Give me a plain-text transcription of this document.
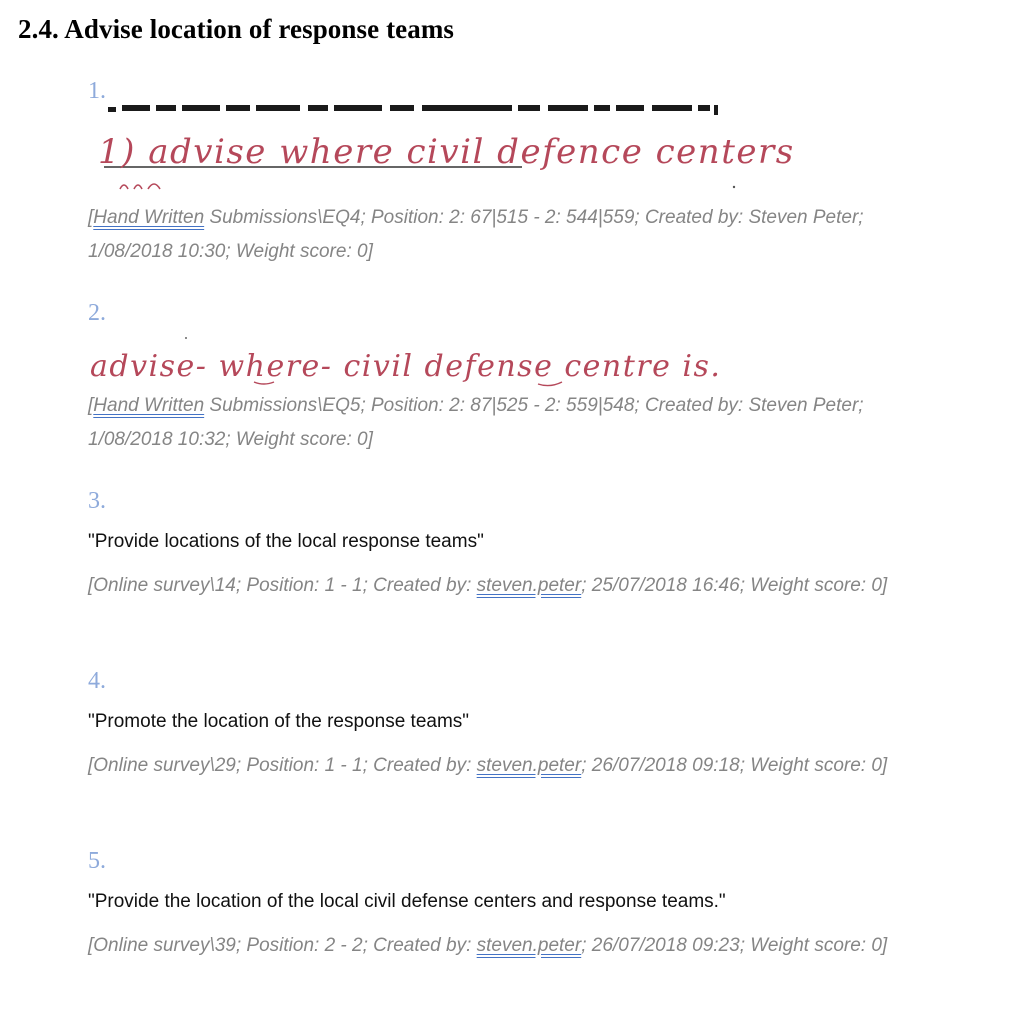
2.4. Advise location of response teams
1.
1) advise where civil defence centers
[Hand Written Submissions\EQ4; Position: 2: 67|515 - 2: 544|559; Created by: Steven Peter; 1/08/2018 10:30; Weight score: 0]
2.
advise- where- civil defense centre is.
[Hand Written Submissions\EQ5; Position: 2: 87|525 - 2: 559|548; Created by: Steven Peter; 1/08/2018 10:32; Weight score: 0]
3.
"Provide locations of the local response teams"
[Online survey\14; Position: 1 - 1; Created by: steven.peter; 25/07/2018 16:46; Weight score: 0]
4.
"Promote the location of the response teams"
[Online survey\29; Position: 1 - 1; Created by: steven.peter; 26/07/2018 09:18; Weight score: 0]
5.
"Provide the location of the local civil defense centers and response teams."
[Online survey\39; Position: 2 - 2; Created by: steven.peter; 26/07/2018 09:23; Weight score: 0]
